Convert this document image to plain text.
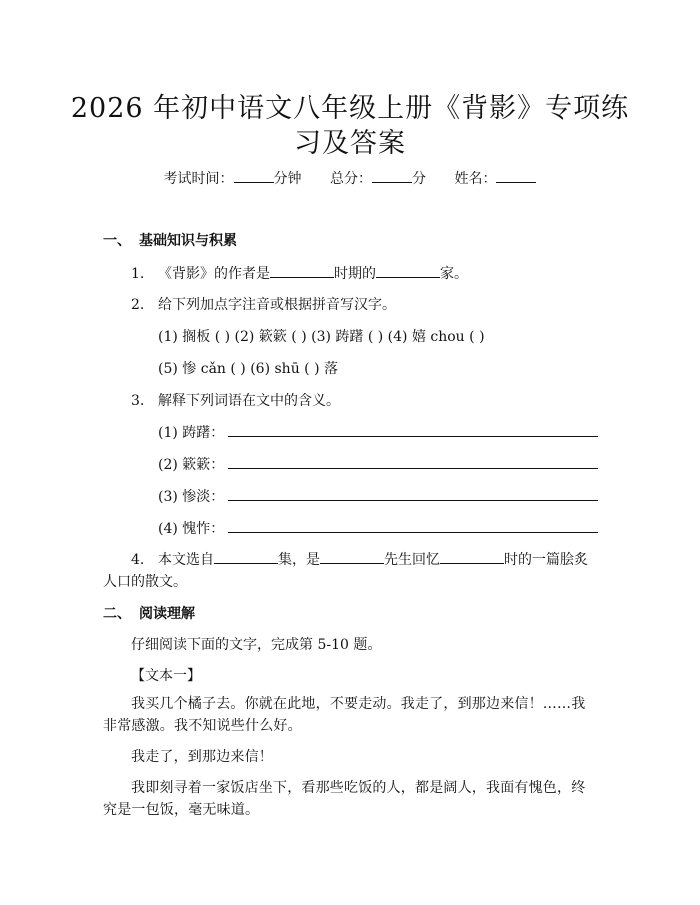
2026 年初中语文八年级上册《背影》专项练
习及答案
考试时间：	分钟 总分：	分 姓名：
一、 基础知识与积累
1. 《背影》的作者是	时期的	家。
2. 给下列加点字注音或根据拼音写汉字。
(1) 搁板 ( ) (2) 簌簌 ( ) (3) 踌躇 ( ) (4) 嬉 chou ( )
(5) 惨 cǎn ( ) (6) shū ( ) 落
3. 解释下列词语在文中的含义。
(1) 踌躇：
(2) 簌簌：
(3) 惨淡：
(4) 愧怍：
4. 本文选自	集，是	先生回忆	时的一篇脍炙
人口的散文。
二、 阅读理解
仔细阅读下面的文字，完成第 5-10 题。
【文本一】
我买几个橘子去。你就在此地，不要走动。我走了，到那边来信！……我非常感激。我不知说些什么好。
我走了，到那边来信！
我即刻寻着一家饭店坐下，看那些吃饭的人，都是阔人，我面有愧色，终究是一包饭，毫无味道。
